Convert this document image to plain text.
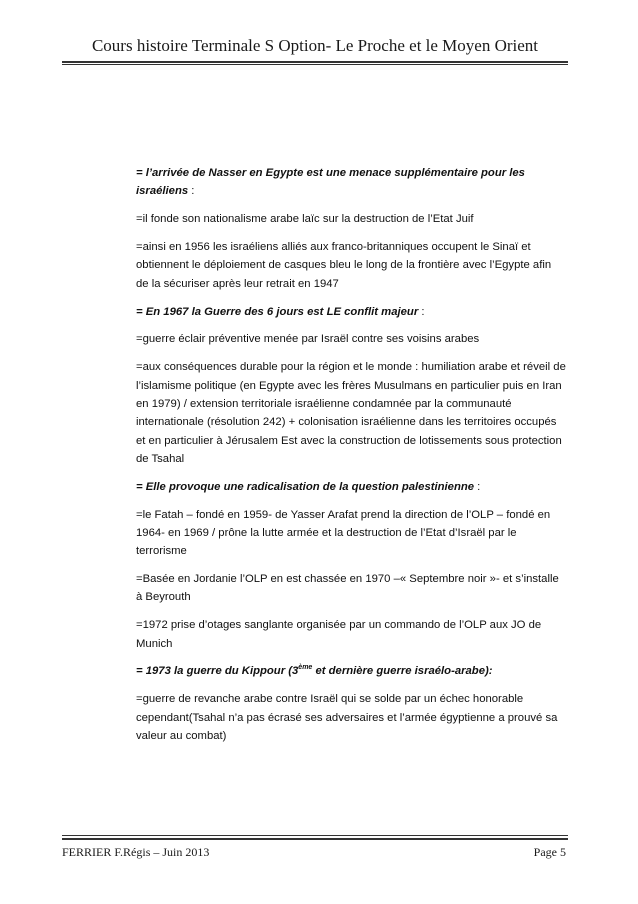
Cours histoire Terminale S Option- Le Proche et le Moyen Orient

= l’arrivée de Nasser en Egypte est une menace supplémentaire pour les israéliens :

=il fonde son nationalisme arabe laïc sur la destruction de l’Etat Juif

=ainsi en 1956 les israéliens alliés aux franco-britanniques occupent le Sinaï et obtiennent le déploiement de casques bleu le long de la frontière avec l’Egypte afin de la sécuriser après leur retrait en 1947

= En 1967 la Guerre des 6 jours est LE conflit majeur :

=guerre éclair préventive menée par Israël contre ses voisins arabes

=aux conséquences durable pour la région et le monde : humiliation arabe et réveil de l’islamisme politique (en Egypte avec les frères Musulmans en particulier puis en Iran en 1979) / extension territoriale israélienne condamnée par la communauté internationale (résolution 242) + colonisation israélienne dans les territoires occupés et en particulier à Jérusalem Est avec la construction de lotissements sous protection de Tsahal

= Elle provoque une radicalisation de la question palestinienne :

=le Fatah – fondé en 1959- de Yasser Arafat prend la direction de l’OLP – fondé en 1964- en 1969 / prône la lutte armée et la destruction de l’Etat d’Israël par le terrorisme

=Basée en Jordanie l’OLP en est chassée en 1970 –« Septembre noir »- et s’installe à Beyrouth

=1972 prise d’otages sanglante organisée par un commando de l’OLP aux JO de Munich

= 1973 la guerre du Kippour (3ème et dernière guerre israélo-arabe):

=guerre de revanche arabe contre Israël qui se solde par un échec honorable cependant(Tsahal n’a pas écrasé ses adversaires et l’armée égyptienne a prouvé sa valeur au combat)

FERRIER F.Régis – Juin 2013	Page 5
